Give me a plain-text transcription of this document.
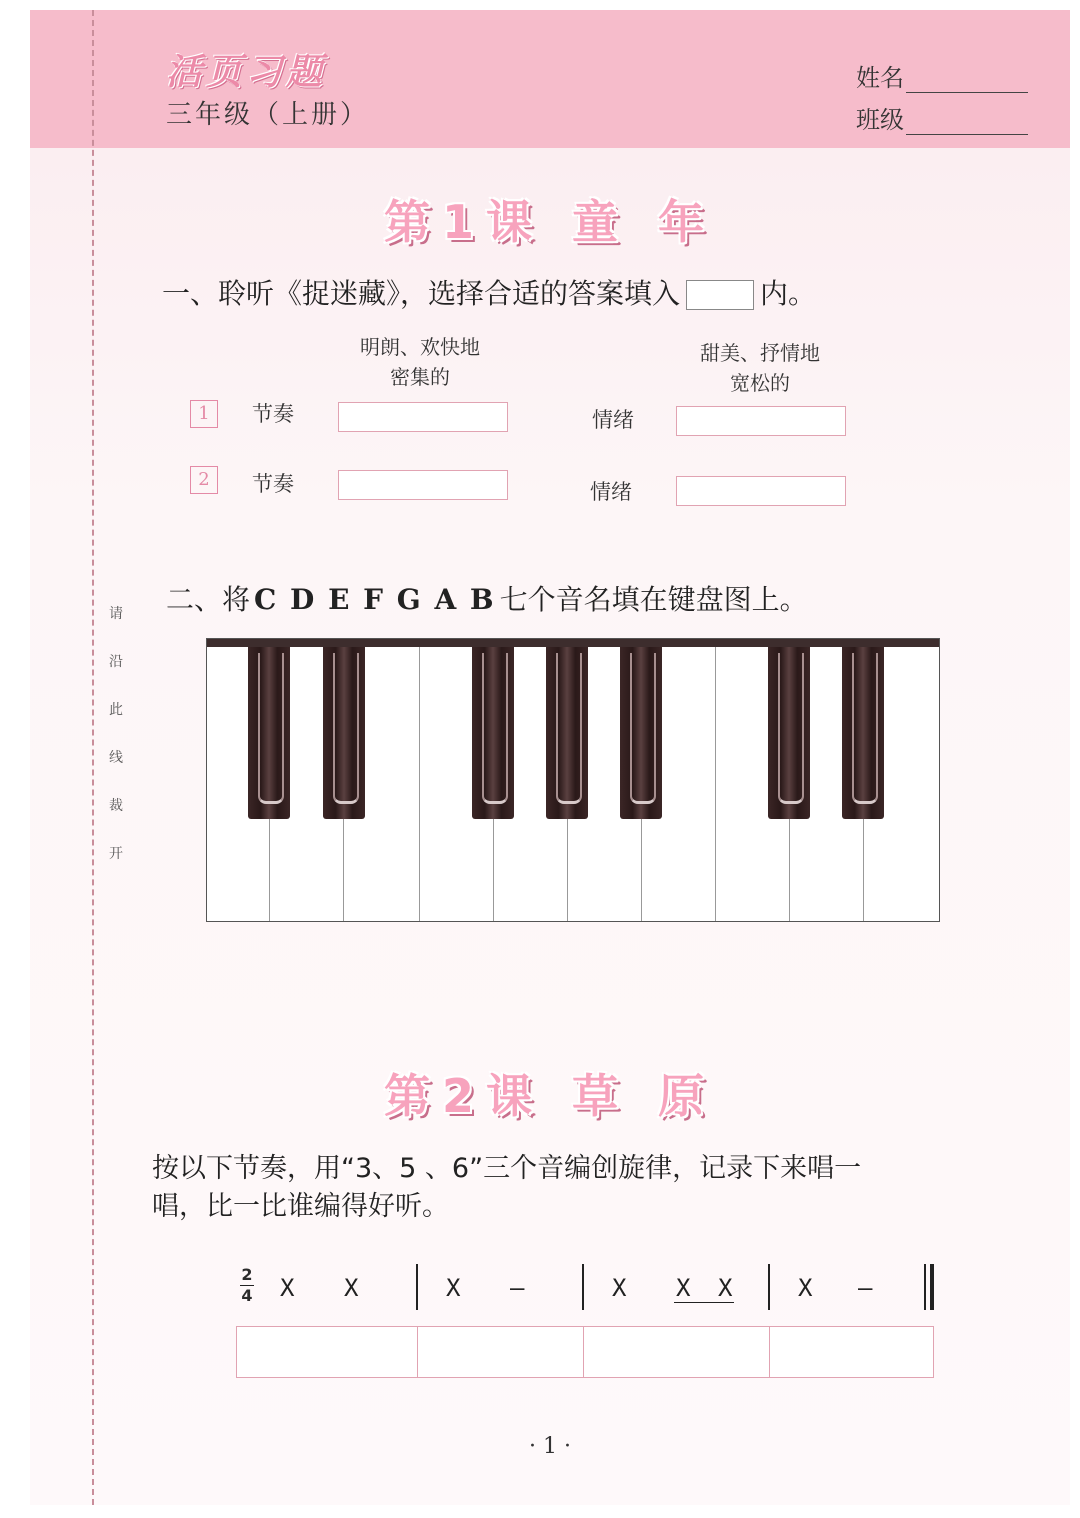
请
沿
此
线
裁
开
活页习题
三年级（上册）
姓名
班级
第1课 童 年
一、聆听《捉迷藏》，选择合适的答案填入	内。
明朗、欢快地
密集的
甜美、抒情地
宽松的
1	节奏	情绪
2	节奏	情绪
二、将 C D E F G A B 七个音名填在键盘图上。
第2课 草 原
按以下节奏，用“3、5 、6”三个音编创旋律，记录下来唱一
唱，比一比谁编得好听。
2
4 X X	X –	X X X	X –
· 1 ·
